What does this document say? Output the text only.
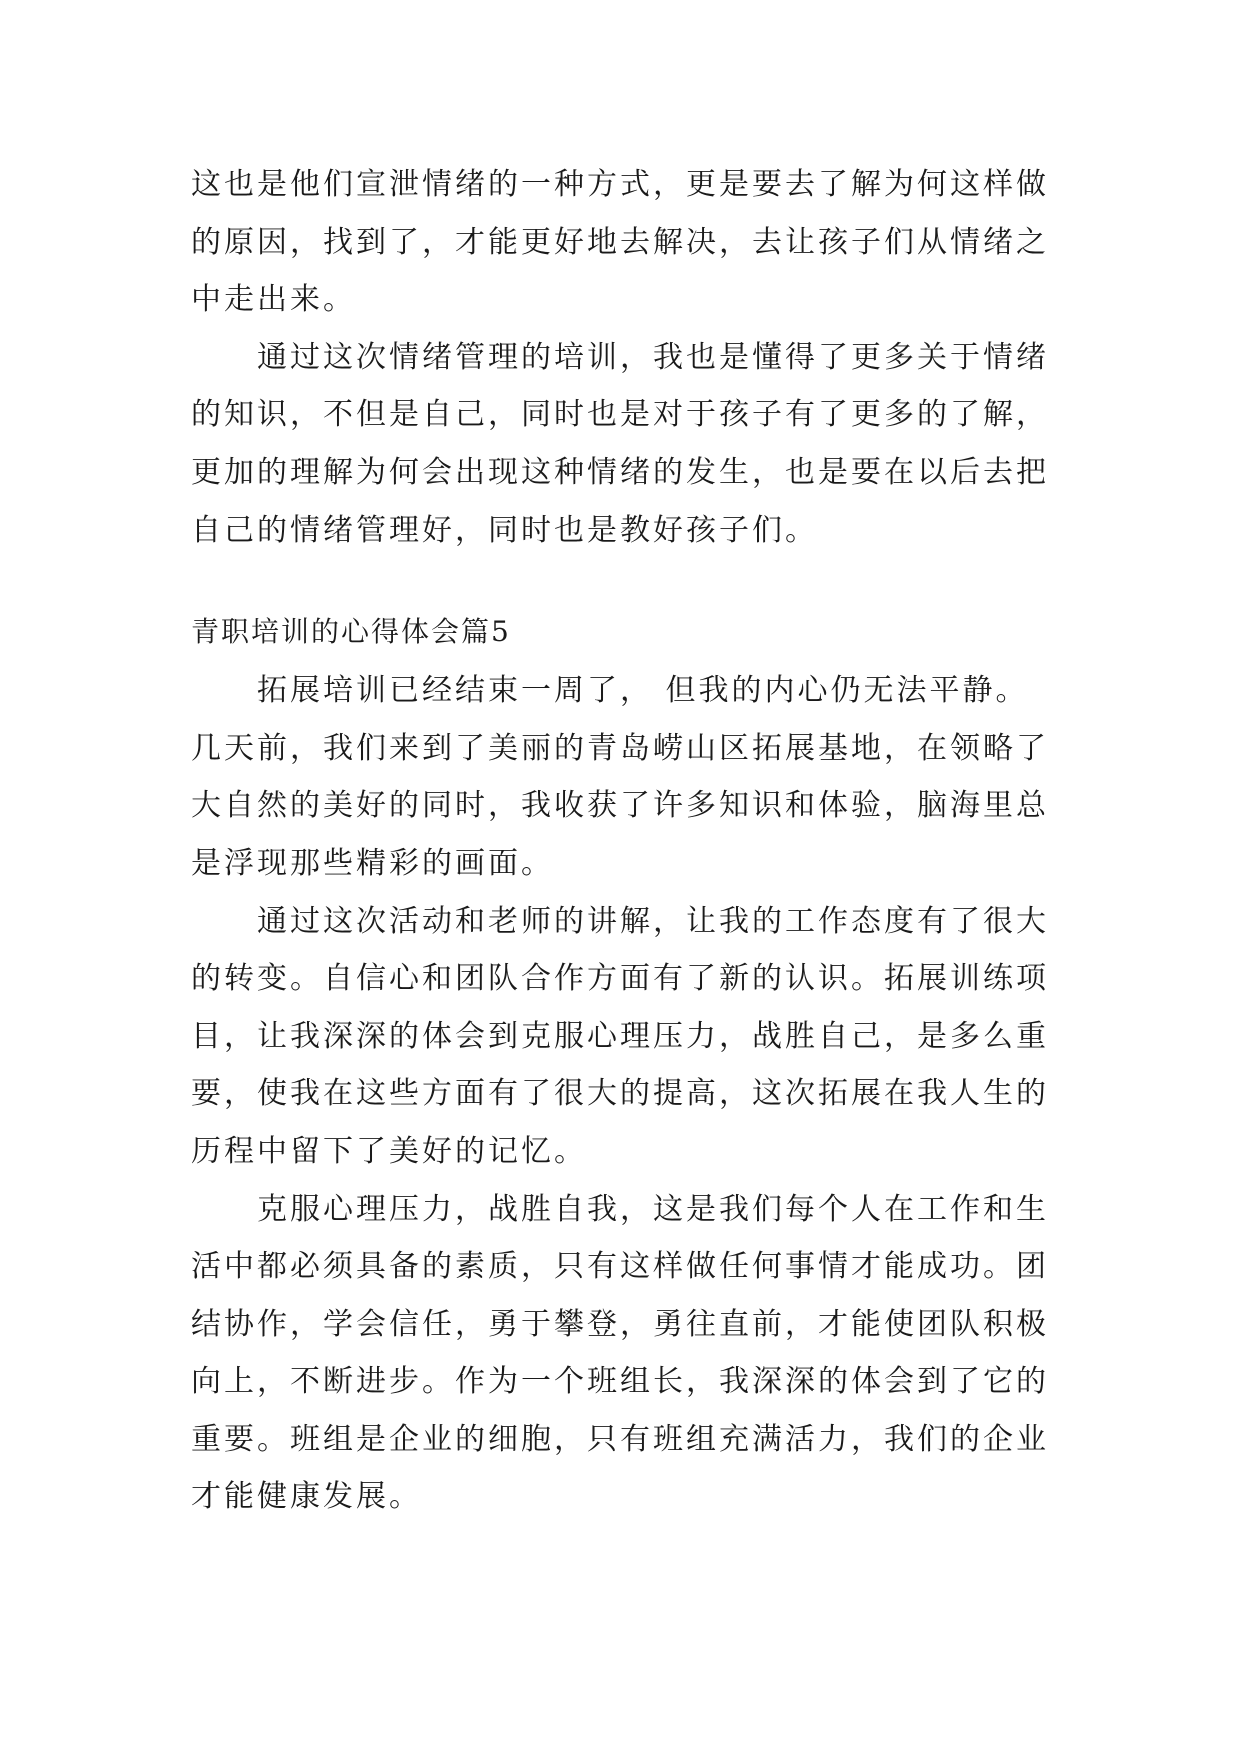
这也是他们宣泄情绪的一种方式，更是要去了解为何这样做
的原因，找到了，才能更好地去解决，去让孩子们从情绪之
中走出来。
通过这次情绪管理的培训，我也是懂得了更多关于情绪
的知识，不但是自己，同时也是对于孩子有了更多的了解，
更加的理解为何会出现这种情绪的发生，也是要在以后去把
自己的情绪管理好，同时也是教好孩子们。
青职培训的心得体会篇5
拓展培训已经结束一周了， 但我的内心仍无法平静。
几天前，我们来到了美丽的青岛崂山区拓展基地，在领略了
大自然的美好的同时，我收获了许多知识和体验，脑海里总
是浮现那些精彩的画面。
通过这次活动和老师的讲解，让我的工作态度有了很大
的转变。自信心和团队合作方面有了新的认识。拓展训练项
目，让我深深的体会到克服心理压力，战胜自己，是多么重
要，使我在这些方面有了很大的提高，这次拓展在我人生的
历程中留下了美好的记忆。
克服心理压力，战胜自我，这是我们每个人在工作和生
活中都必须具备的素质，只有这样做任何事情才能成功。团
结协作，学会信任，勇于攀登，勇往直前，才能使团队积极
向上，不断进步。作为一个班组长，我深深的体会到了它的
重要。班组是企业的细胞，只有班组充满活力，我们的企业
才能健康发展。
